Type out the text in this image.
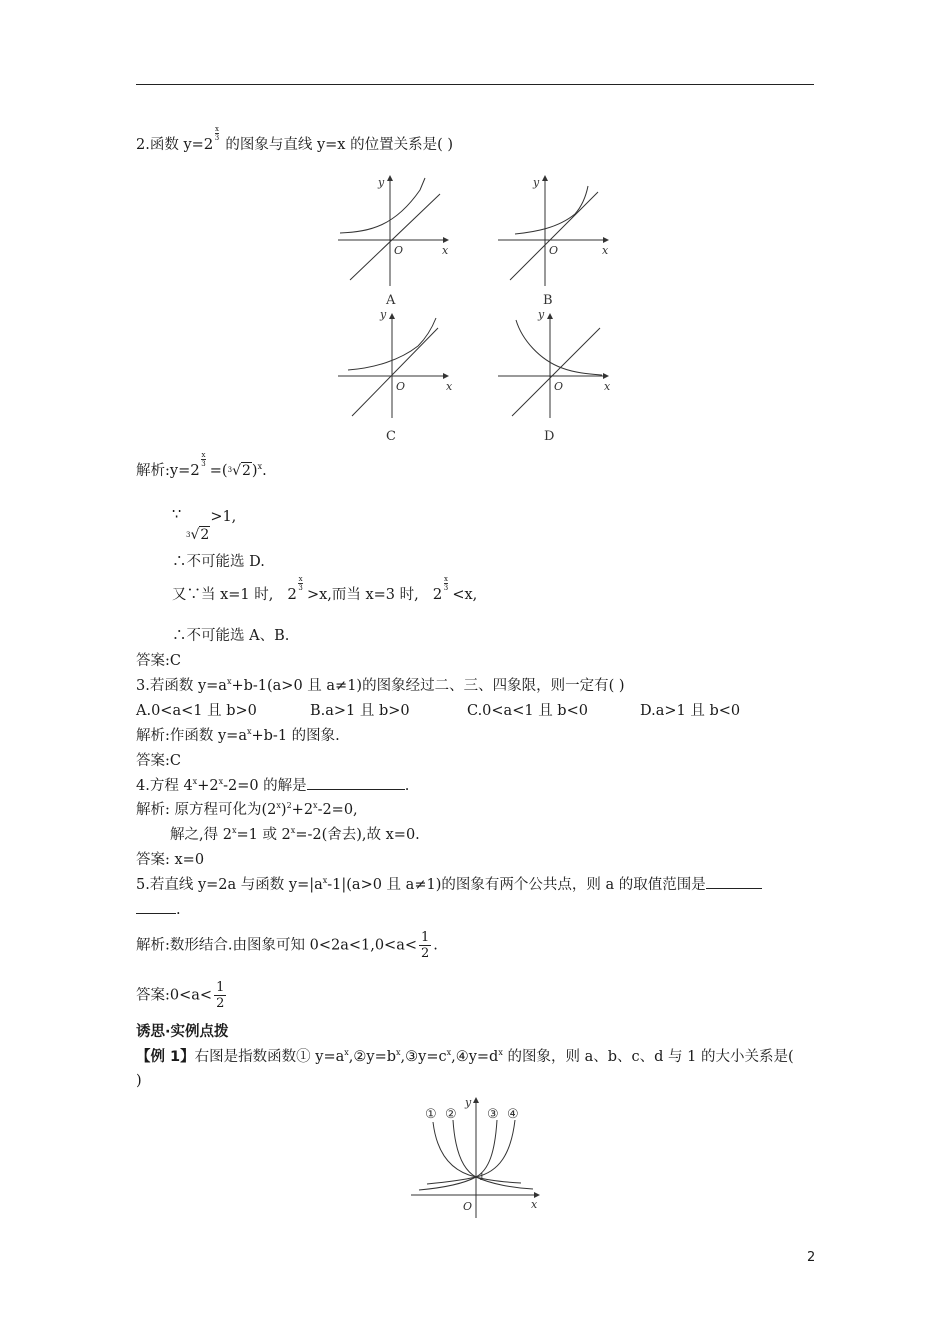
2.函数 y=2
x
3 的图象与直线 y=x 的位置关系是( )
y
x
O
A
y
x
O
B
y
x
O
C
y
x
O
D
解析:y=2
x
$3 =(^3√2)^x$.
∵
$^3$√2>1,
∴不可能选 D.
又∵当 x=1 时, 2
x
3 >x,而当 x=3 时, 2
x
3 <x,
∴不可能选 A、B.
答案:C
3.若函数 $y=a^x+b-1(a>0$ 且 a≠1)的图象经过二、三、四象限，则一定有( )
A.0<a<1 且 b>0	B.a>1 且 b>0	C.0<a<1 且 b<0	D.a>1 且 b<0
解析:作函数 $y=a^x+b-1$ 的图象.
答案:C
4.方程 $4^x+2^x-2=0$ 的解是	.
解析: 原方程可化为$(2^x)^2+2^x-2=0$,
解之,得 $2^x=1$ 或 $2^x=-2$(舍去),故 x=0.
答案: x=0
5.若直线 y=2a 与函数 $y=|a^x-1|(a>0$ 且 a≠1)的图象有两个公共点，则 a 的取值范围是
.
解析:数形结合.由图象可知 $0<2a<1,0<a< \frac{1}{2}$ .
答案:0<a< $\frac{1}{2}$
诱思·实例点拨
【例 1】右图是指数函数① $y=a^x,②y=b^x,③y=c^x,④y=d^x$ 的图象，则 a、b、c、d 与 1 的大小关系是(
)
① ② ③ ④
y
x
O
1
2
